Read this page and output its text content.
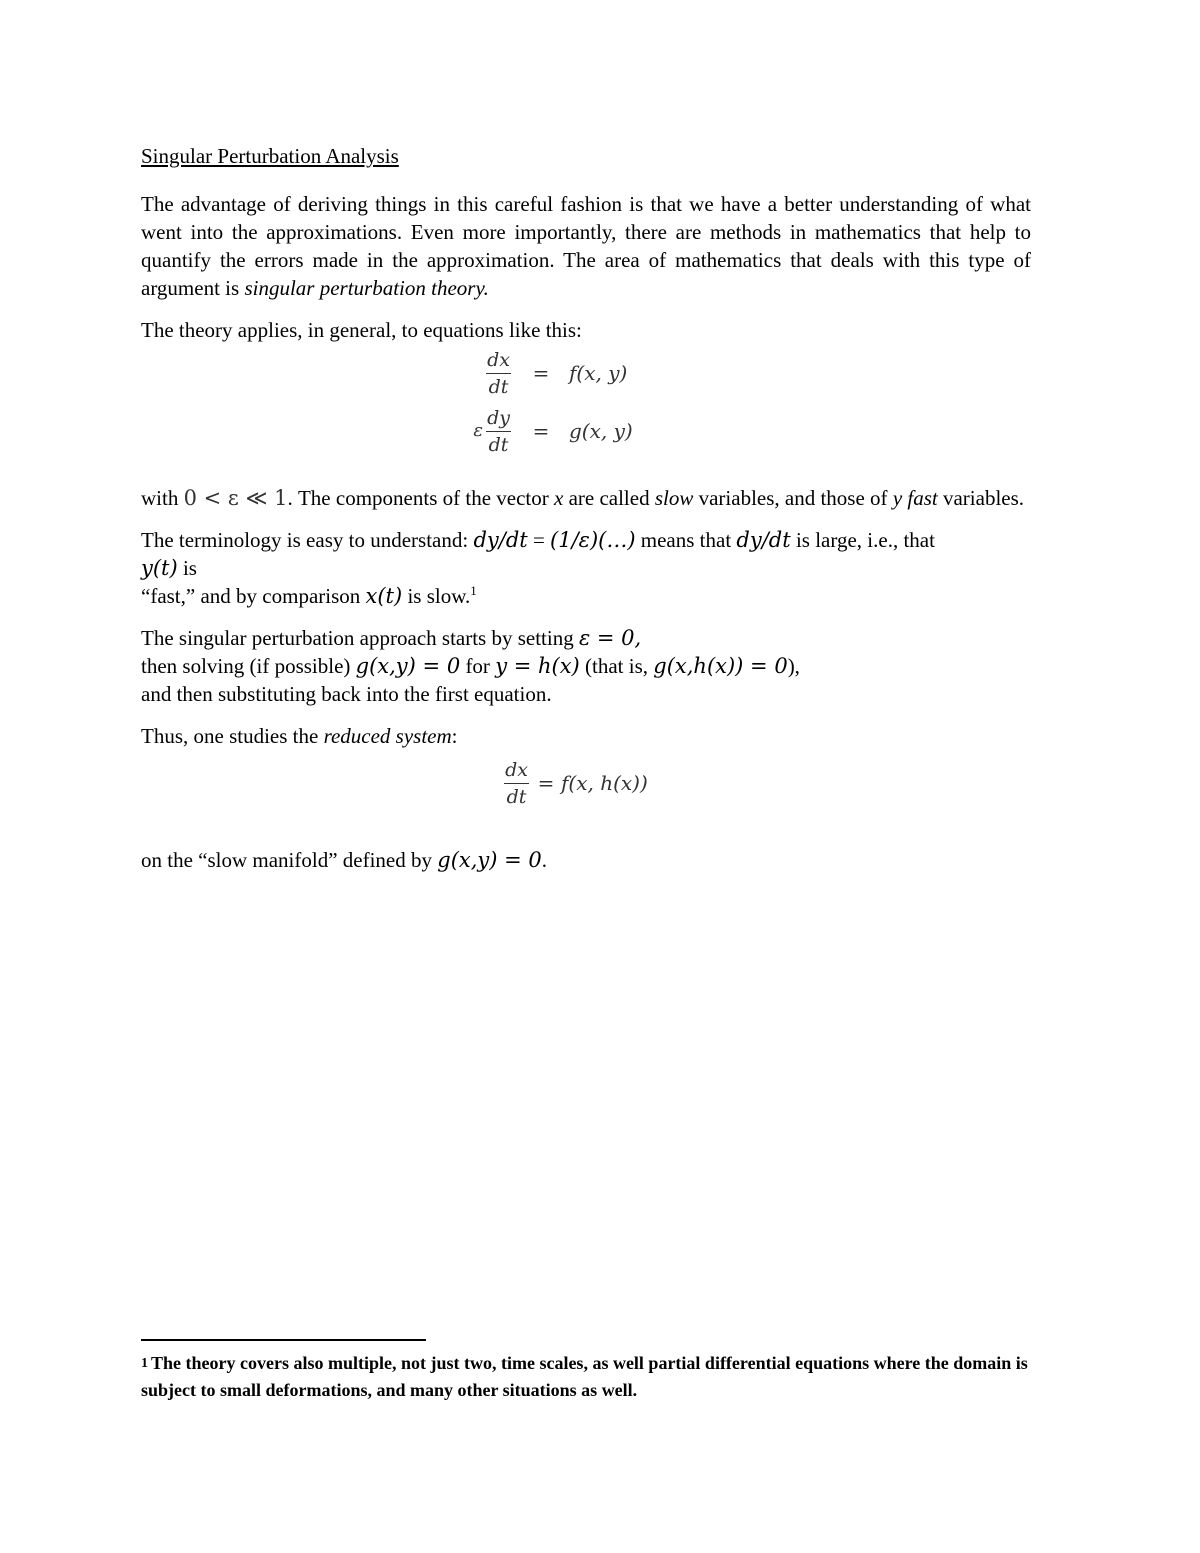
Singular Perturbation Analysis

The advantage of deriving things in this careful fashion is that we have a better understanding of what went into the approximations. Even more importantly, there are methods in mathematics that help to quantify the errors made in the approximation. The area of mathematics that deals with this type of argument is singular perturbation theory.

The theory applies, in general, to equations like this:

$\frac{dx}{dt} = f(x$, y)
ε $\frac{dy}{dt} = g(x$, y)

with 0 < ε ≪ 1. The components of the vector x are called slow variables, and those of y fast variables.

The terminology is easy to understand: dy/dt = (1/ε)(…) means that dy/dt is large, i.e., that
y(t) is
“fast,” and by comparison x(t) is slow.$^1$

The singular perturbation approach starts by setting ε = 0,
then solving (if possible) g(x,y) = 0 for y = h(x) (that is, g(x,h(x)) = 0),
and then substituting back into the first equation.

Thus, one studies the reduced system:

$\frac{dx}{dt} = f(x$, h(x))

on the “slow manifold” defined by g(x,y) = 0.

$^1$ The theory covers also multiple, not just two, time scales, as well partial differential equations where the domain is subject to small deformations, and many other situations as well.
